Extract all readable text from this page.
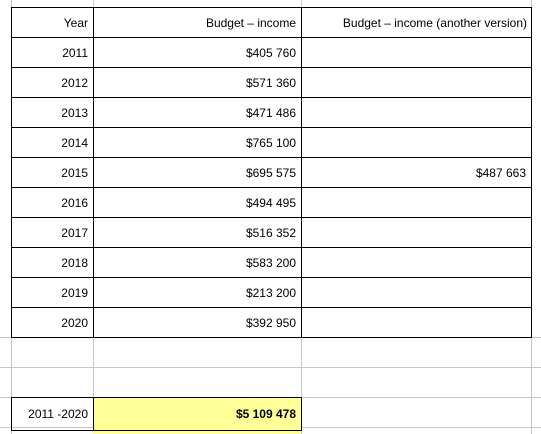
Year	Budget – income	Budget – income (another version)
2011	$405 760
2012	$571 360
2013	$471 486
2014	$765 100
2015	$695 575	$487 663
2016	$494 495
2017	$516 352
2018	$583 200
2019	$213 200
2020	$392 950
2011 -2020	$5 109 478
